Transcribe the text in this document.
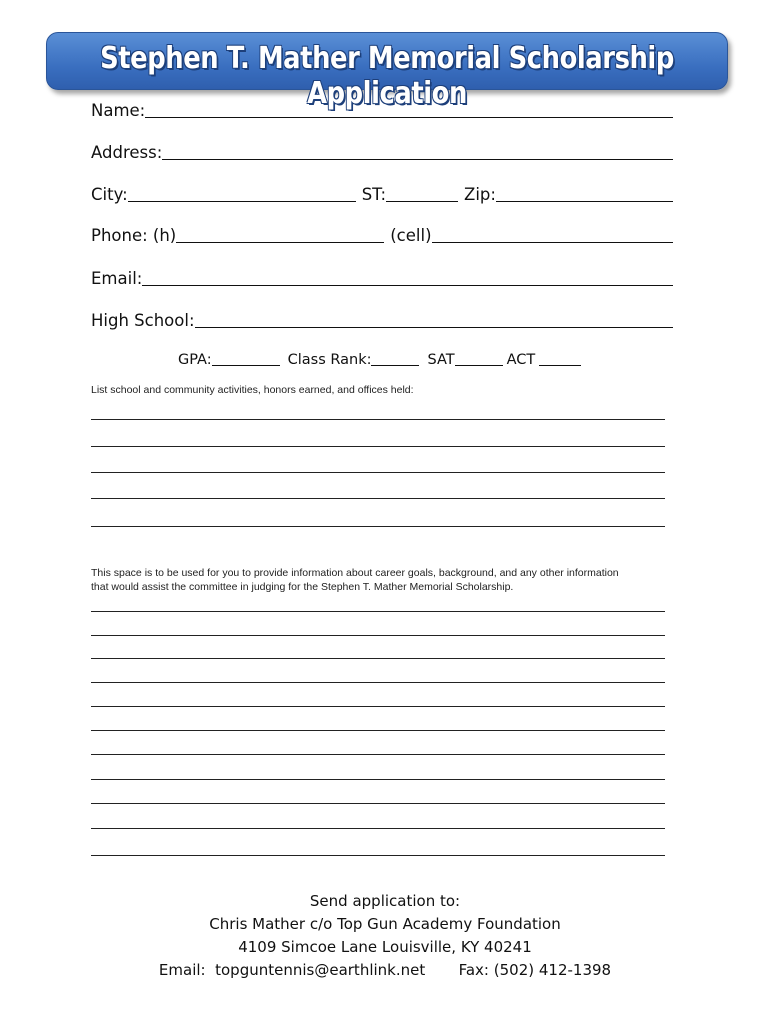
Stephen T. Mather Memorial Scholarship Application
Name:
Address:
City:	ST:	Zip:
Phone: (h)	(cell)
Email:
High School:
GPA:	Class Rank:	SAT	ACT
List school and community activities, honors earned, and offices held:
This space is to be used for you to provide information about career goals, background, and any other information
that would assist the committee in judging for the Stephen T. Mather Memorial Scholarship.
Send application to:
Chris Mather c/o Top Gun Academy Foundation
4109 Simcoe Lane Louisville, KY 40241
Email:  topguntennis@earthlink.net       Fax: (502) 412-1398
